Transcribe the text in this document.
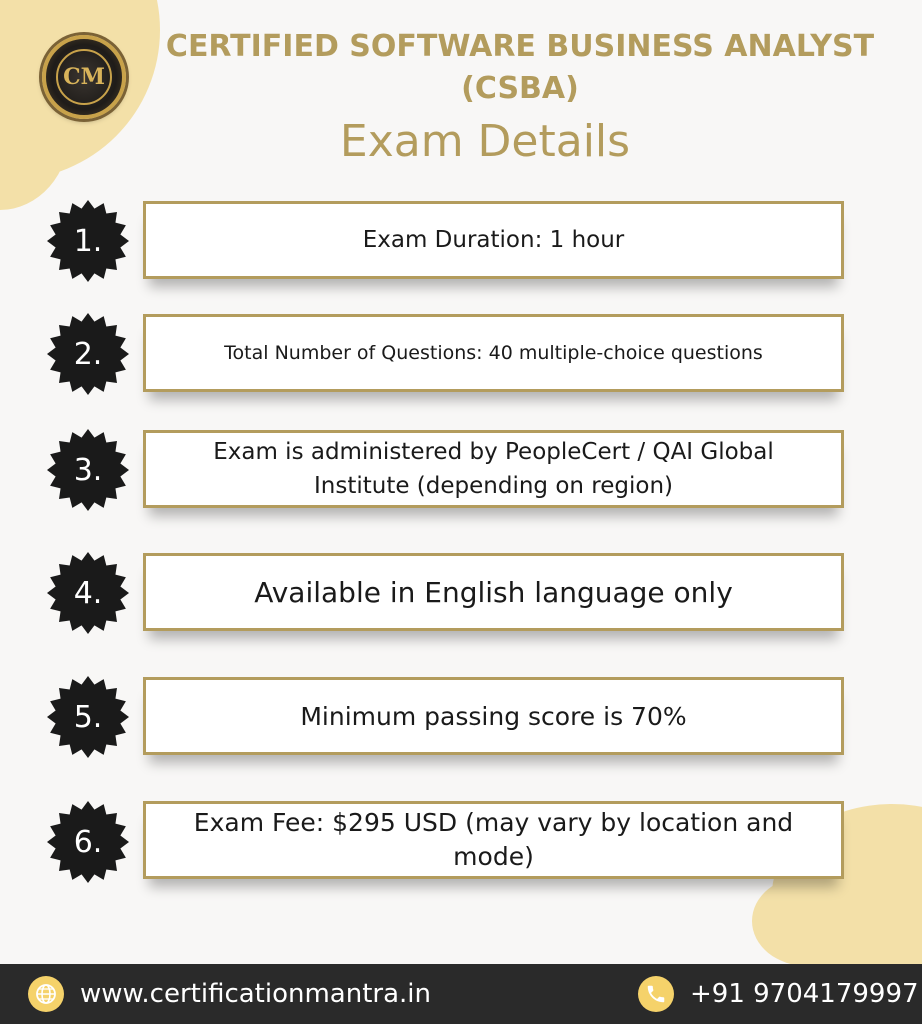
CM
CERTIFIED SOFTWARE BUSINESS ANALYST
(CSBA)
Exam Details
1.	Exam Duration: 1 hour
2.	Total Number of Questions: 40 multiple-choice questions
3.
Exam is administered by PeopleCert / QAI Global Institute (depending on region)
4.	Available in English language only
5.	Minimum passing score is 70%
6.
Exam Fee: $295 USD (may vary by location and mode)
www.certificationmantra.in	+91 9704179997
